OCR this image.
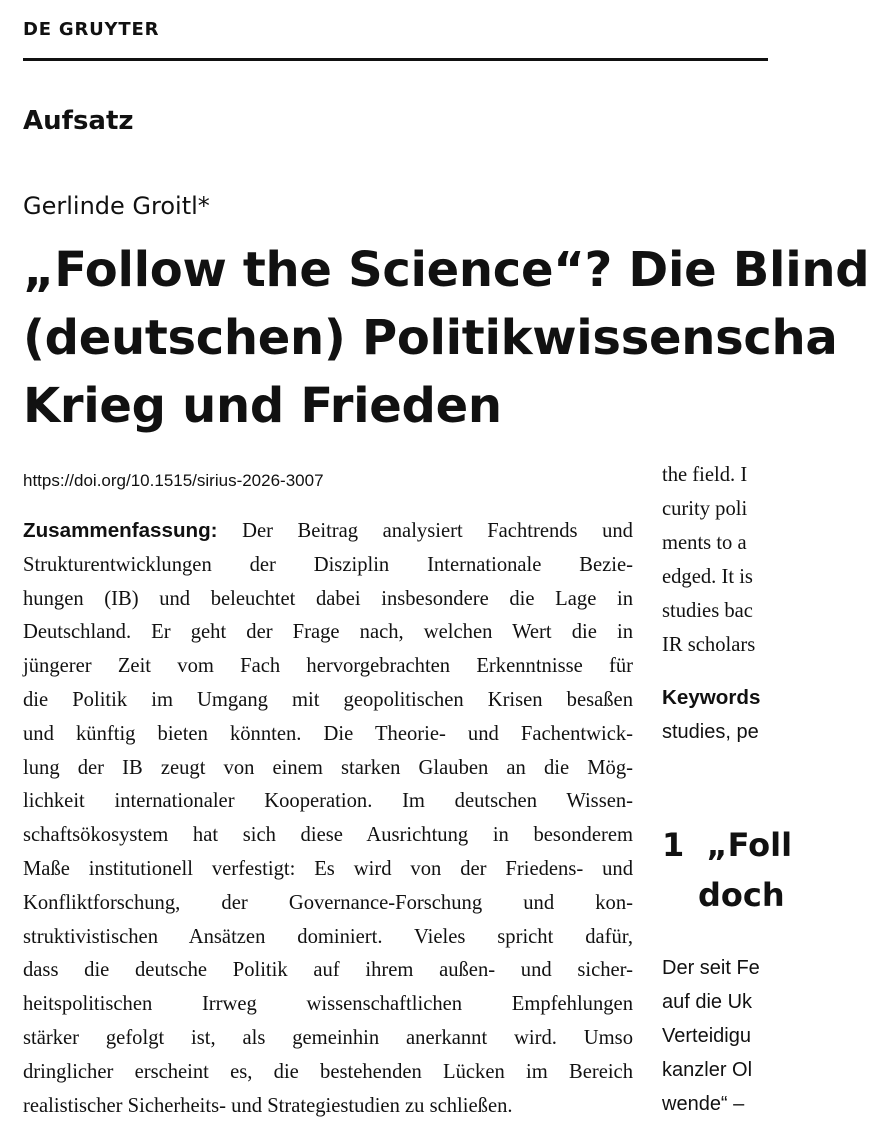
DE GRUYTER
Aufsatz
Gerlinde Groitl*
„Follow the Science“? Die Blind
(deutschen) Politikwissenscha
Krieg und Frieden
https://doi.org/10.1515/sirius-2026-3007
Zusammenfassung: Der Beitrag analysiert Fachtrends und
Strukturentwicklungen der Disziplin Internationale Bezie-
hungen (IB) und beleuchtet dabei insbesondere die Lage in
Deutschland. Er geht der Frage nach, welchen Wert die in
jüngerer Zeit vom Fach hervorgebrachten Erkenntnisse für
die Politik im Umgang mit geopolitischen Krisen besaßen
und künftig bieten könnten. Die Theorie- und Fachentwick-
lung der IB zeugt von einem starken Glauben an die Mög-
lichkeit internationaler Kooperation. Im deutschen Wissen-
schaftsökosystem hat sich diese Ausrichtung in besonderem
Maße institutionell verfestigt: Es wird von der Friedens- und
Konfliktforschung, der Governance-Forschung und kon-
struktivistischen Ansätzen dominiert. Vieles spricht dafür,
dass die deutsche Politik auf ihrem außen- und sicher-
heitspolitischen Irrweg wissenschaftlichen Empfehlungen
stärker gefolgt ist, als gemeinhin anerkannt wird. Umso
dringlicher erscheint es, die bestehenden Lücken im Bereich
realistischer Sicherheits- und Strategiestudien zu schließen.
the field. I
curity poli
ments to a
edged. It is
studies bac
IR scholars
Keywords
studies, pe
1 „Foll
doch
Der seit Fe
auf die Uk
Verteidigu
kanzler Ol
wende“ –
